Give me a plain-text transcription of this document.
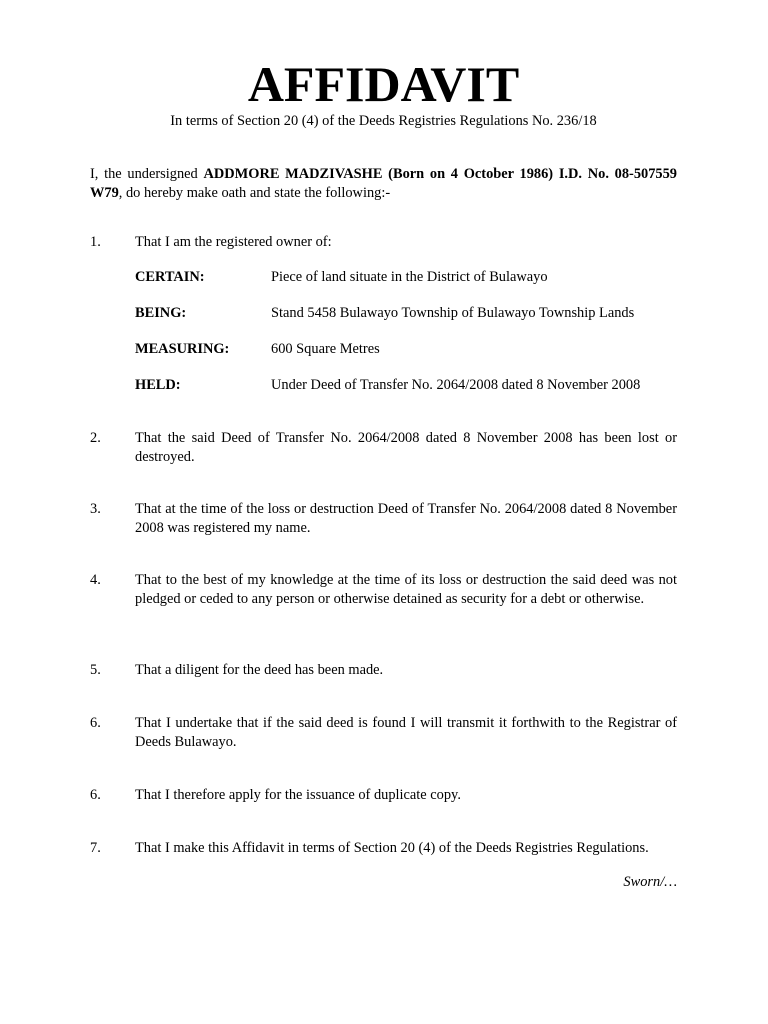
AFFIDAVIT
In terms of Section 20 (4) of the Deeds Registries Regulations No. 236/18
I, the undersigned ADDMORE MADZIVASHE (Born on 4 October 1986) I.D. No. 08-507559 W79, do hereby make oath and state the following:-
1.	That I am the registered owner of:
CERTAIN:	Piece of land situate in the District of Bulawayo
BEING:	Stand 5458 Bulawayo Township of Bulawayo Township Lands
MEASURING:	600 Square Metres
HELD:	Under Deed of Transfer No. 2064/2008 dated 8 November 2008
2.	That the said Deed of Transfer No. 2064/2008 dated 8 November 2008 has been lost or destroyed.
3.	That at the time of the loss or destruction Deed of Transfer No. 2064/2008 dated 8 November 2008 was registered my name.
4.	That to the best of my knowledge at the time of its loss or destruction the said deed was not pledged or ceded to any person or otherwise detained as security for a debt or otherwise.
5.	That a diligent for the deed has been made.
6.	That I undertake that if the said deed is found I will transmit it forthwith to the Registrar of Deeds Bulawayo.
6.	That I therefore apply for the issuance of duplicate copy.
7.	That I make this Affidavit in terms of Section 20 (4) of the Deeds Registries Regulations.
Sworn/…
